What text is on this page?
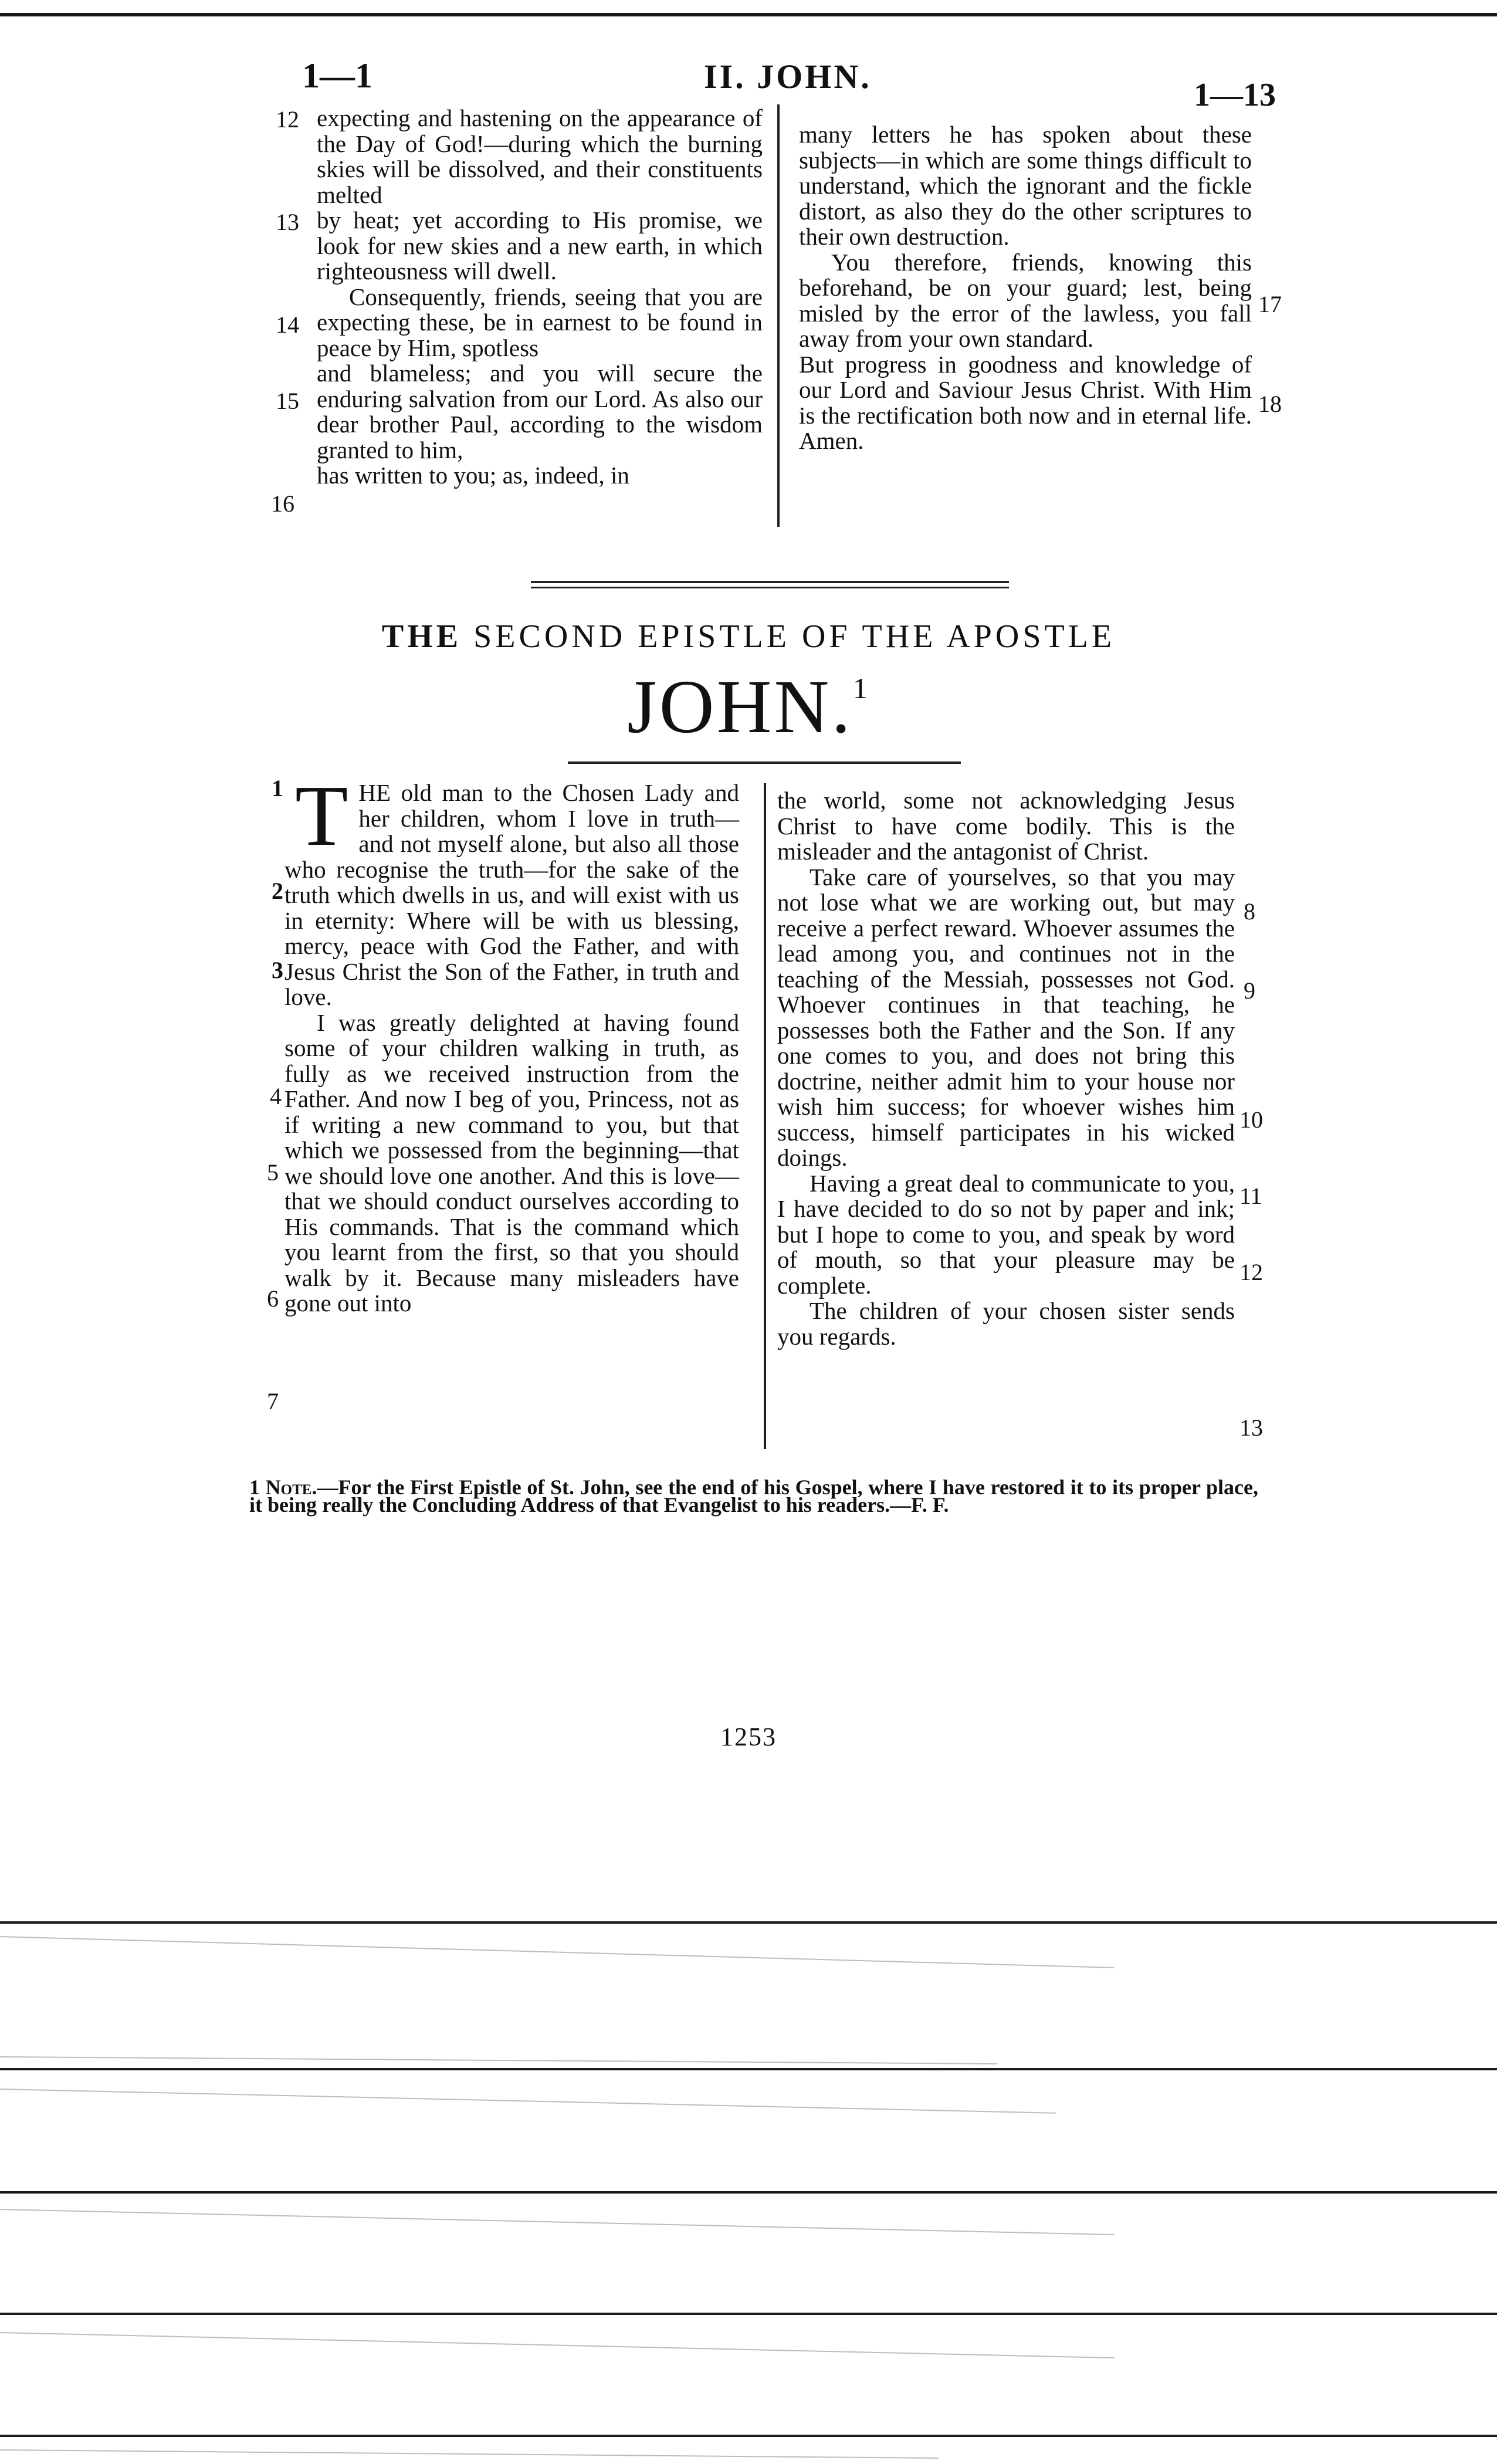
1—1	II. JOHN.	1—13

expecting and hastening on the appearance of the Day of God!—during which the burning skies will be dissolved, and their constituents melted

by heat; yet according to His promise, we look for new skies and a new earth, in which righteousness will dwell.

Consequently, friends, seeing that you are expecting these, be in earnest to be found in peace by Him, spotless

and blameless; and you will secure the enduring salvation from our Lord. As also our dear brother Paul, according to the wisdom granted to him,

has written to you; as, indeed, in

12
13
14
15
16

many letters he has spoken about these subjects—in which are some things difficult to understand, which the ignorant and the fickle distort, as also they do the other scriptures to their own destruction.

You therefore, friends, knowing this beforehand, be on your guard; lest, being misled by the error of the lawless, you fall away from your own standard.

But progress in goodness and knowledge of our Lord and Saviour Jesus Christ. With Him is the rectification both now and in eternal life. Amen.

17
18
THE SECOND EPISTLE OF THE APOSTLE
JOHN.$^1$

THE old man to the Chosen Lady and her children, whom I love in truth—and not myself alone, but also all those who recognise the truth—for the sake of the truth which dwells in us, and will exist with us in eternity: Where will be with us blessing, mercy, peace with God the Father, and with Jesus Christ the Son of the Father, in truth and love.

I was greatly delighted at having found some of your children walking in truth, as fully as we received instruction from the Father. And now I beg of you, Princess, not as if writing a new command to you, but that which we possessed from the beginning—that we should love one another. And this is love—that we should conduct ourselves according to His commands. That is the command which you learnt from the first, so that you should walk by it. Because many misleaders have gone out into

1
2
3
4
5
6
7

the world, some not acknowledging Jesus Christ to have come bodily. This is the misleader and the antagonist of Christ.

Take care of yourselves, so that you may not lose what we are working out, but may receive a perfect reward. Whoever assumes the lead among you, and continues not in the teaching of the Messiah, possesses not God. Whoever continues in that teaching, he possesses both the Father and the Son. If any one comes to you, and does not bring this doctrine, neither admit him to your house nor wish him success; for whoever wishes him success, himself participates in his wicked doings.

Having a great deal to communicate to you, I have decided to do so not by paper and ink; but I hope to come to you, and speak by word of mouth, so that your pleasure may be complete.

The children of your chosen sister sends you regards.

8
9
10
11
12
13
1 Note.—For the First Epistle of St. John, see the end of his Gospel, where I have restored it to its proper place, it being really the Concluding Address of that Evangelist to his readers.—F. F.
1253
